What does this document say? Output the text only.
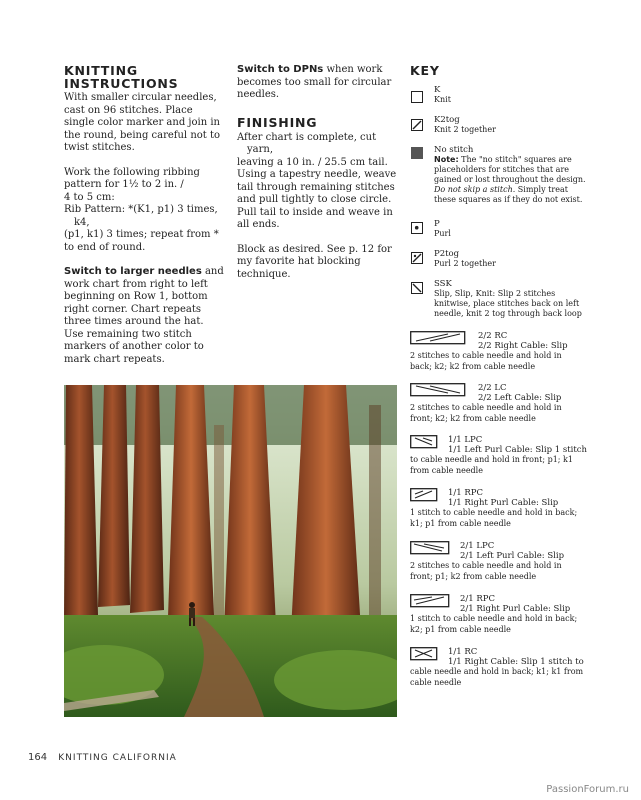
KNITTING
INSTRUCTIONS
With smaller circular needles,
cast on 96 stitches. Place
single color marker and join in
the round, being careful not to
twist stitches.
Work the following ribbing
pattern for 1½ to 2 in. /
4 to 5 cm:
Rib Pattern: *(K1, p1) 3 times, k4,
(p1, k1) 3 times; repeat from *
to end of round.
Switch to larger needles and
work chart from right to left
beginning on Row 1, bottom
right corner. Chart repeats
three times around the hat.
Use remaining two stitch
markers of another color to
mark chart repeats.
Switch to DPNs when work
becomes too small for circular
needles.
FINISHING
After chart is complete, cut yarn,
leaving a 10 in. / 25.5 cm tail.
Using a tapestry needle, weave
tail through remaining stitches
and pull tightly to close circle.
Pull tail to inside and weave in
all ends.
Block as desired. See p. 12 for
my favorite hat blocking
technique.
KEY
K
Knit
K2tog
Knit 2 together
No stitch
Note: The "no stitch" squares are
placeholders for stitches that are
gained or lost throughout the design.
Do not skip a stitch. Simply treat
these squares as if they do not exist.
P
Purl
P2tog
Purl 2 together
SSK
Slip, Slip, Knit: Slip 2 stitches
knitwise, place stitches back on left
needle, knit 2 tog through back loop
2/2 RC
2/2 Right Cable: Slip
2 stitches to cable needle and hold in
back; k2; k2 from cable needle
2/2 LC
2/2 Left Cable: Slip
2 stitches to cable needle and hold in
front; k2; k2 from cable needle
1/1 LPC
1/1 Left Purl Cable: Slip 1 stitch
to cable needle and hold in front; p1; k1
from cable needle
1/1 RPC
1/1 Right Purl Cable: Slip
1 stitch to cable needle and hold in back;
k1; p1 from cable needle
2/1 LPC
2/1 Left Purl Cable: Slip
2 stitches to cable needle and hold in
front; p1; k2 from cable needle
2/1 RPC
2/1 Right Purl Cable: Slip
1 stitch to cable needle and hold in back;
k2; p1 from cable needle
1/1 RC
1/1 Right Cable: Slip 1 stitch to
cable needle and hold in back; k1; k1 from
cable needle
164 KNITTING CALIFORNIA
PassionForum.ru
